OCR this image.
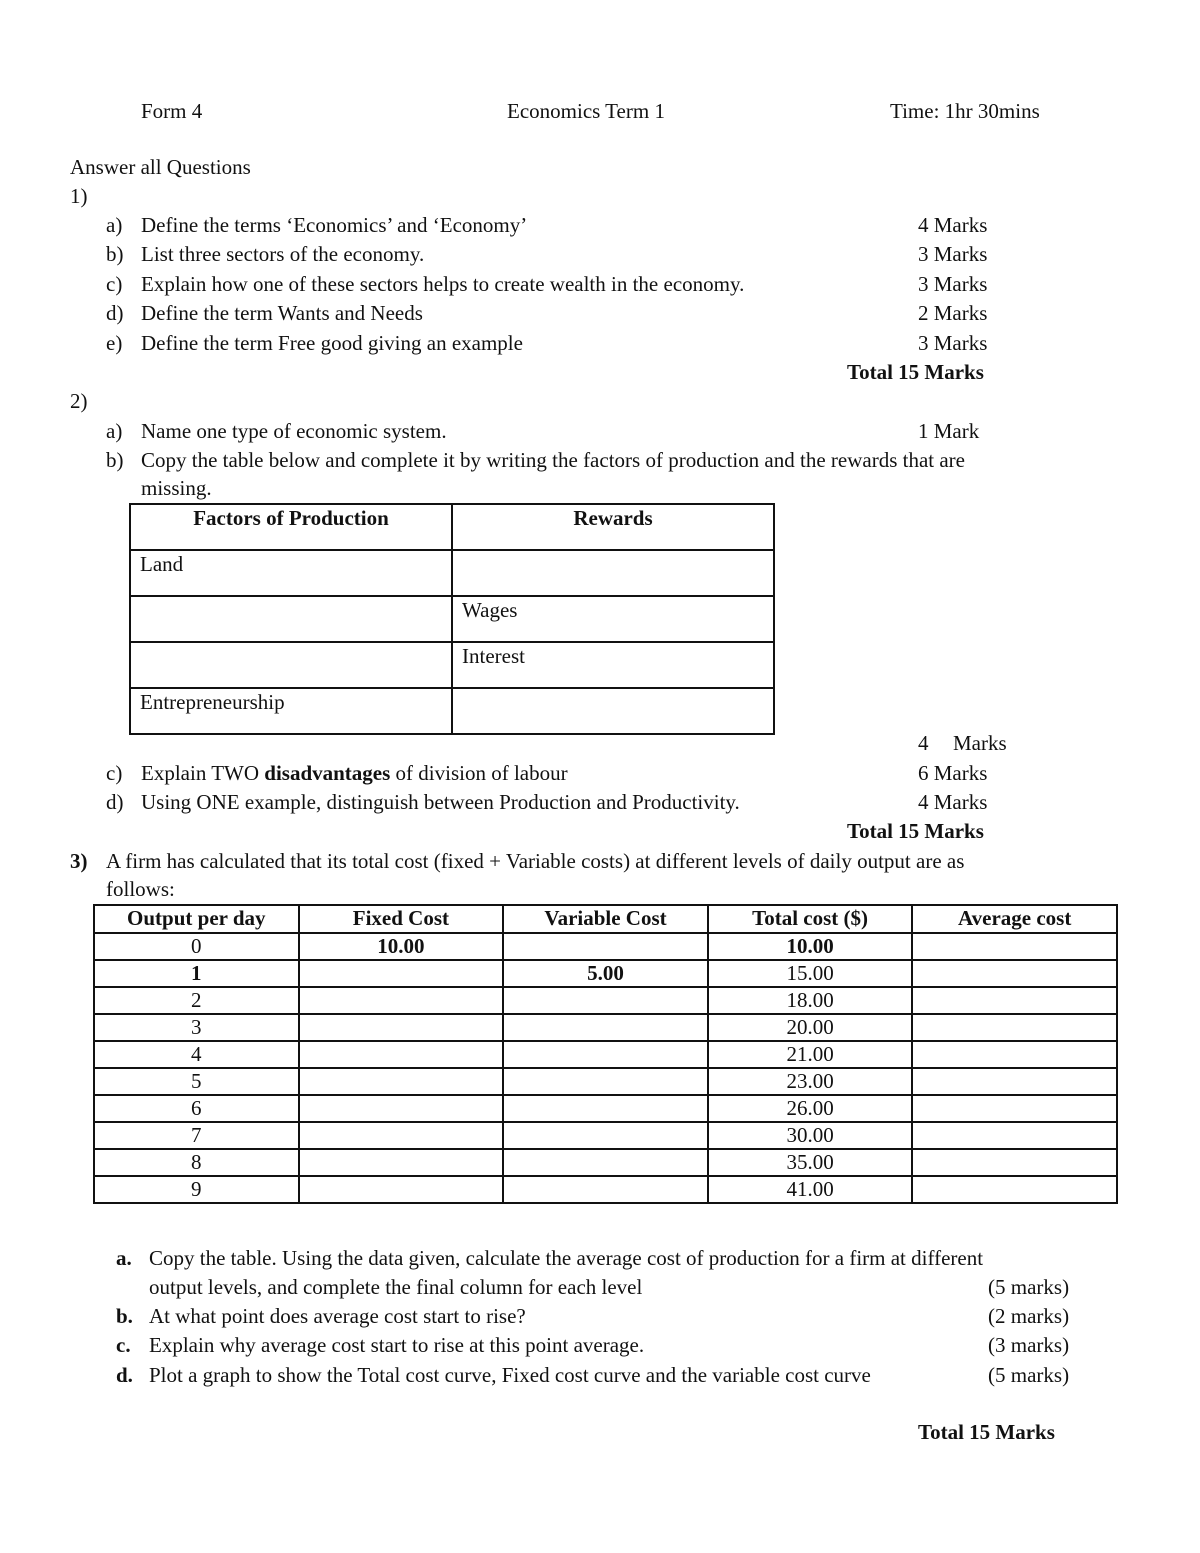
Form 4	Economics Term 1	Time: 1hr 30mins
Answer all Questions
1)
a) Define the terms ‘Economics’ and ‘Economy’	4 Marks
b) List three sectors of the economy.	3 Marks
c) Explain how one of these sectors helps to create wealth in the economy.	3 Marks
d) Define the term Wants and Needs	2 Marks
e) Define the term Free good giving an example	3 Marks
Total 15 Marks
2)
a) Name one type of economic system.	1 Mark
b) Copy the table below and complete it by writing the factors of production and the rewards that are
missing.
Factors of Production	Rewards
Land	
	Wages
	Interest
Entrepreneurship	
4 Marks
c) Explain TWO disadvantages of division of labour	6 Marks
d) Using ONE example, distinguish between Production and Productivity.	4 Marks
Total 15 Marks
3) A firm has calculated that its total cost (fixed + Variable costs) at different levels of daily output are as
follows:
Output per day	Fixed Cost	Variable Cost	Total cost ($)	Average cost
0	10.00		10.00	
1		5.00	15.00	
2			18.00	
3			20.00	
4			21.00	
5			23.00	
6			26.00	
7			30.00	
8			35.00	
9			41.00	
a. Copy the table. Using the data given, calculate the average cost of production for a firm at different
output levels, and complete the final column for each level	(5 marks)
b. At what point does average cost start to rise?	(2 marks)
c. Explain why average cost start to rise at this point average.	(3 marks)
d. Plot a graph to show the Total cost curve, Fixed cost curve and the variable cost curve	(5 marks)
Total 15 Marks
